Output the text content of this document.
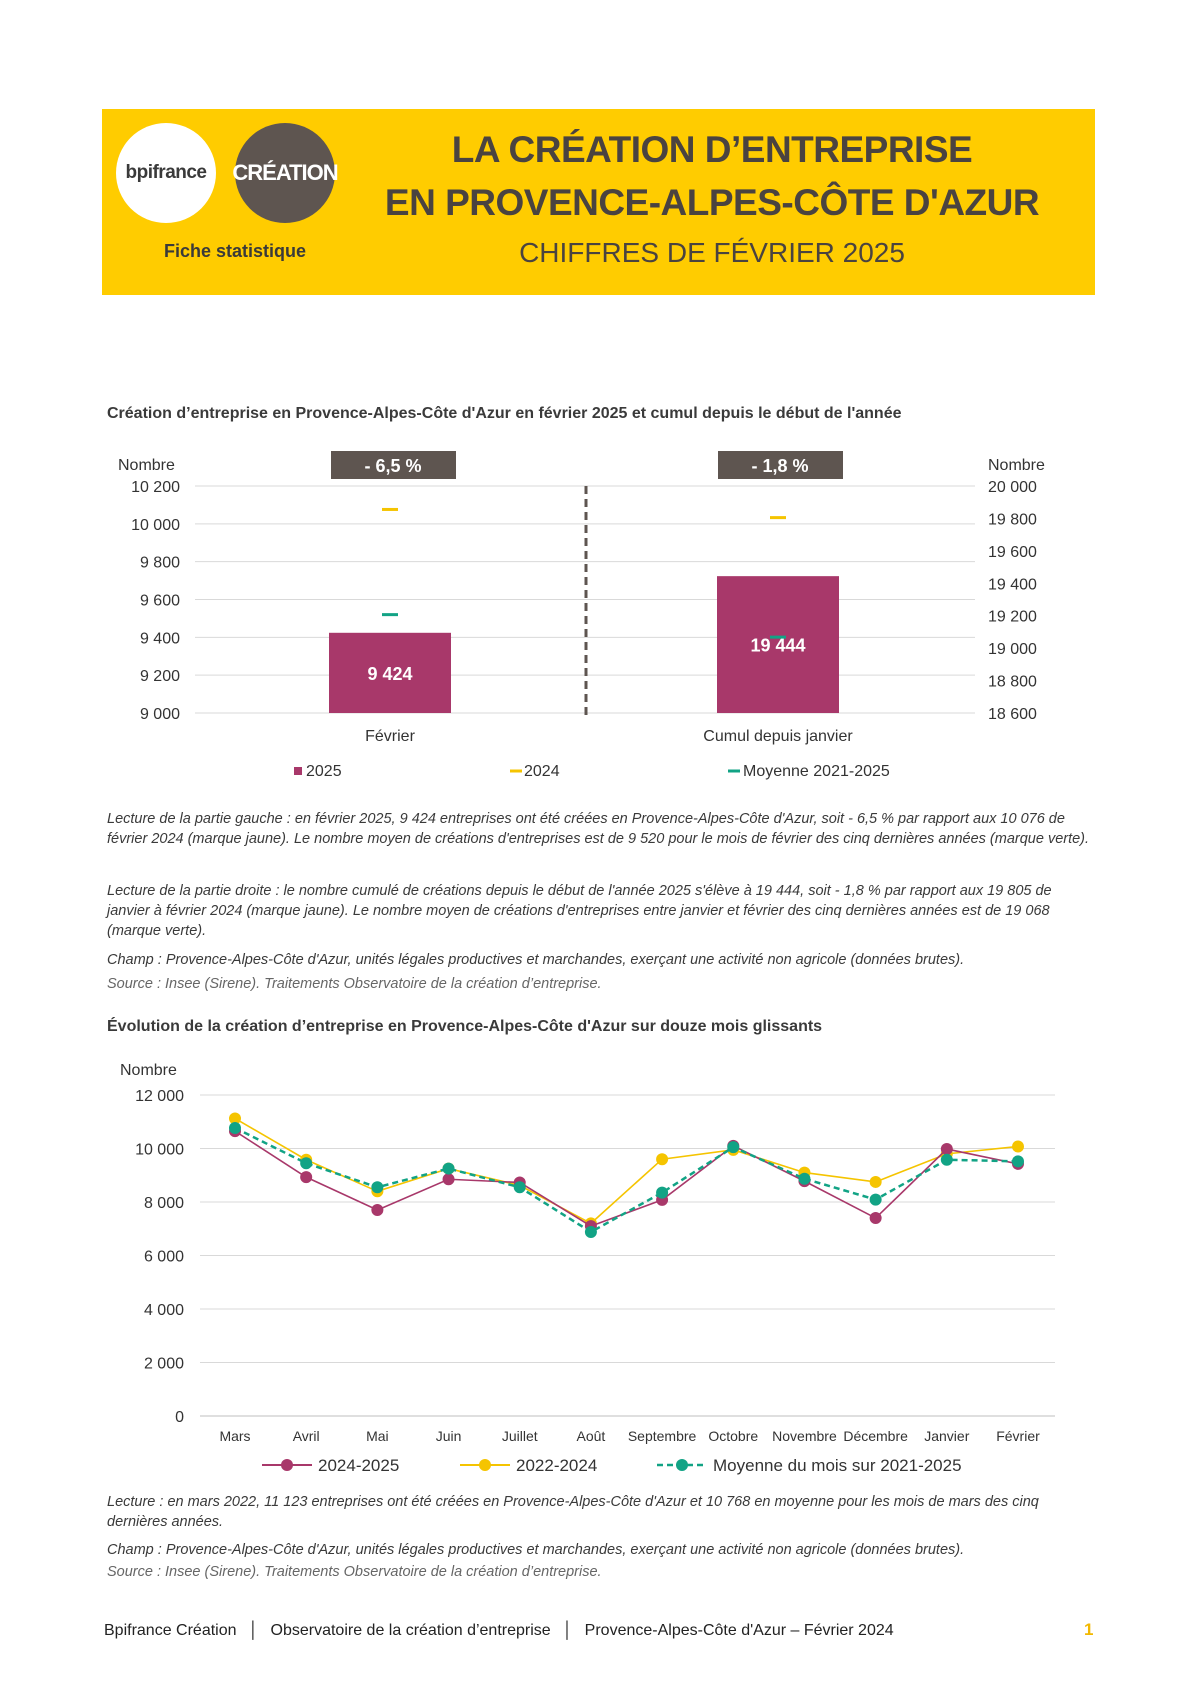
bpifrance CRÉATION
Fiche statistique
LA CRÉATION D’ENTREPRISE
EN PROVENCE-ALPES-CÔTE D'AZUR
CHIFFRES DE FÉVRIER 2025
Création d’entreprise en Provence-Alpes-Côte d'Azur en février 2025 et cumul depuis le début de l'année
Nombre	Nombre
10 200
10 000
9 800
9 600
9 400
9 200
9 000
20 000
19 800
19 600
19 400
19 200
19 000
18 800
18 600
- 6,5 %	- 1,8 %
9 424
19 444
Février	Cumul depuis janvier
2025	2024	Moyenne 2021-2025
Lecture de la partie gauche : en février 2025, 9 424 entreprises ont été créées en Provence-Alpes-Côte d'Azur, soit - 6,5 % par rapport aux 10 076 de février 2024 (marque jaune). Le nombre moyen de créations d'entreprises est de 9 520 pour le mois de février des cinq dernières années (marque verte).
Lecture de la partie droite : le nombre cumulé de créations depuis le début de l'année 2025 s'élève à 19 444, soit - 1,8 % par rapport aux 19 805 de janvier à février 2024 (marque jaune). Le nombre moyen de créations d'entreprises entre janvier et février des cinq dernières années est de 19 068 (marque verte).
Champ : Provence-Alpes-Côte d'Azur, unités légales productives et marchandes, exerçant une activité non agricole (données brutes).
Source : Insee (Sirene). Traitements Observatoire de la création d’entreprise.
Évolution de la création d’entreprise en Provence-Alpes-Côte d'Azur sur douze mois glissants
Nombre
12 000
10 000
8 000
6 000
4 000
2 000
0
Mars	Avril	Mai	Juin	Juillet	Août Septembre Octobre Novembre Décembre Janvier Février
2024-2025	2022-2024	Moyenne du mois sur 2021-2025
Lecture : en mars 2022, 11 123 entreprises ont été créées en Provence-Alpes-Côte d'Azur et 10 768 en moyenne pour les mois de mars des cinq dernières années.
Champ : Provence-Alpes-Côte d'Azur, unités légales productives et marchandes, exerçant une activité non agricole (données brutes).
Source : Insee (Sirene). Traitements Observatoire de la création d’entreprise.
Bpifrance Création │ Observatoire de la création d’entreprise │ Provence-Alpes-Côte d'Azur – Février 2024	1
